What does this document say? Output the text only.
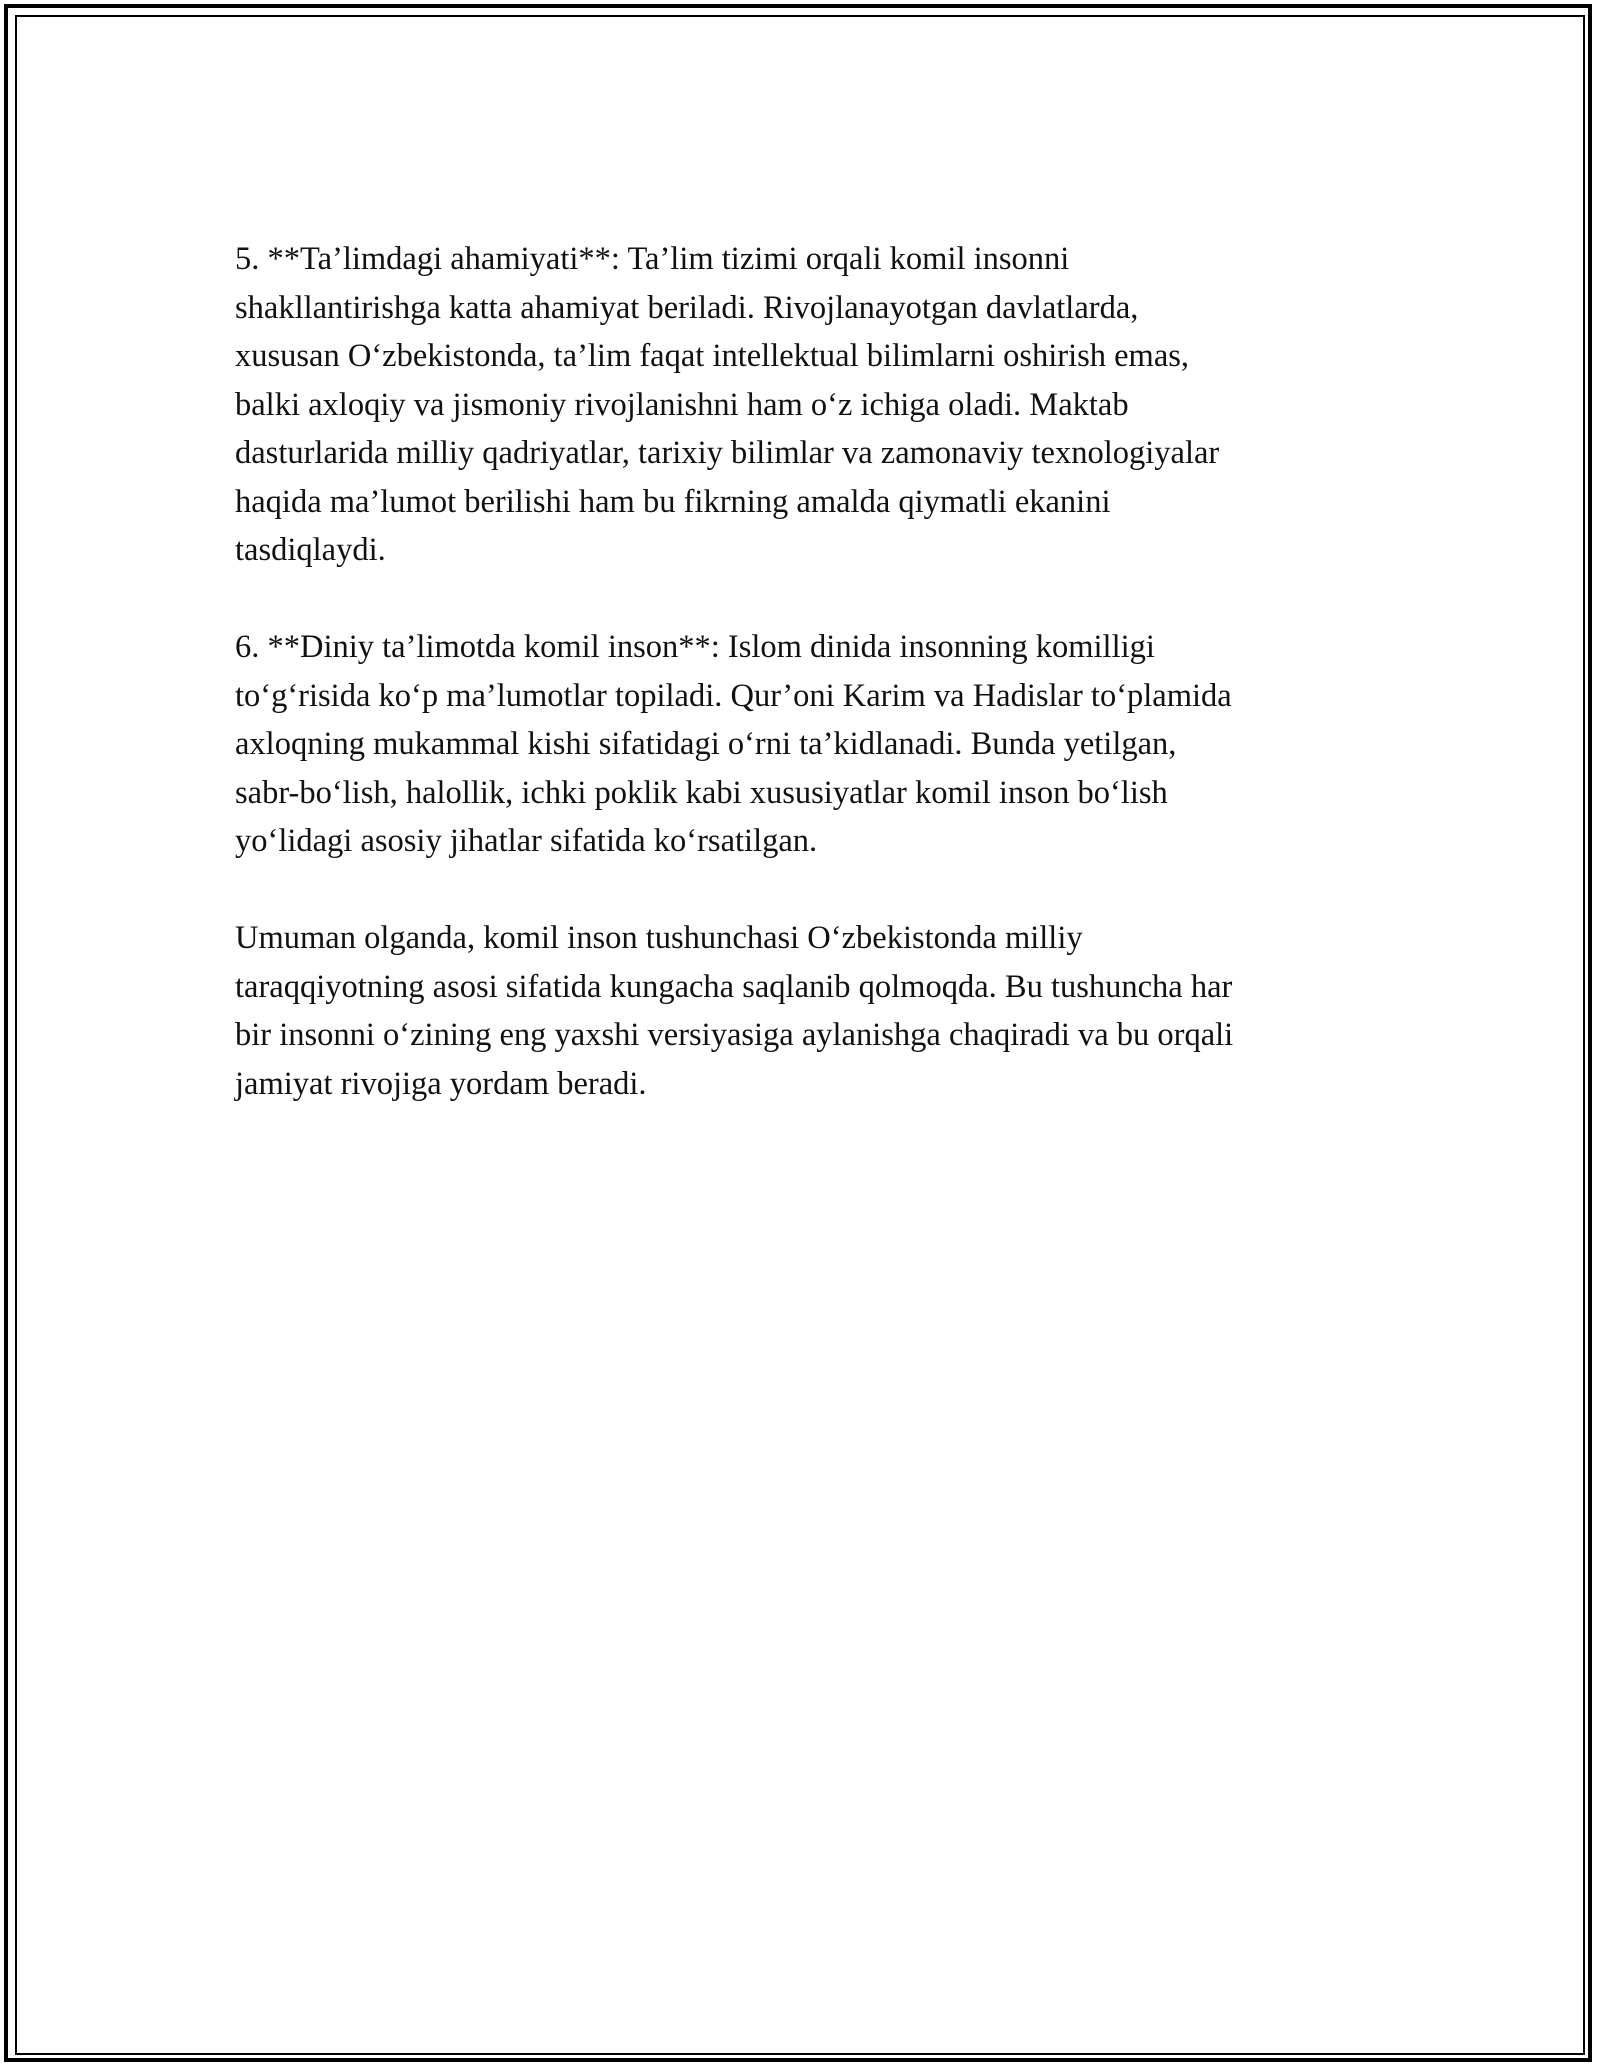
5. **Ta’limdagi ahamiyati**: Ta’lim tizimi orqali komil insonni
shakllantirishga katta ahamiyat beriladi. Rivojlanayotgan davlatlarda,
xususan O‘zbekistonda, ta’lim faqat intellektual bilimlarni oshirish emas,
balki axloqiy va jismoniy rivojlanishni ham o‘z ichiga oladi. Maktab
dasturlarida milliy qadriyatlar, tarixiy bilimlar va zamonaviy texnologiyalar
haqida ma’lumot berilishi ham bu fikrning amalda qiymatli ekanini
tasdiqlaydi.

6. **Diniy ta’limotda komil inson**: Islom dinida insonning komilligi
to‘g‘risida ko‘p ma’lumotlar topiladi. Qur’oni Karim va Hadislar to‘plamida
axloqning mukammal kishi sifatidagi o‘rni ta’kidlanadi. Bunda yetilgan,
sabr-bo‘lish, halollik, ichki poklik kabi xususiyatlar komil inson bo‘lish
yo‘lidagi asosiy jihatlar sifatida ko‘rsatilgan.

Umuman olganda, komil inson tushunchasi O‘zbekistonda milliy
taraqqiyotning asosi sifatida kungacha saqlanib qolmoqda. Bu tushuncha har
bir insonni o‘zining eng yaxshi versiyasiga aylanishga chaqiradi va bu orqali
jamiyat rivojiga yordam beradi.
